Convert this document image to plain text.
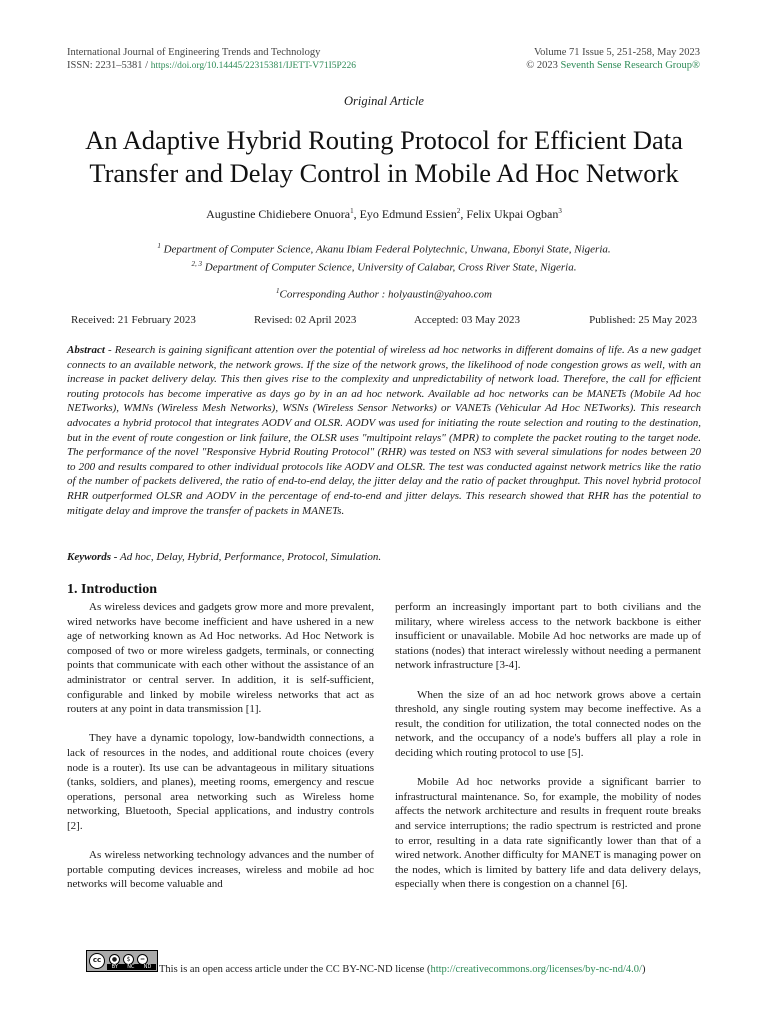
International Journal of Engineering Trends and Technology
ISSN: 2231–5381 / https://doi.org/10.14445/22315381/IJETT-V71I5P226
Volume 71 Issue 5, 251-258, May 2023
© 2023 Seventh Sense Research Group®
Original Article
An Adaptive Hybrid Routing Protocol for Efficient Data
Transfer and Delay Control in Mobile Ad Hoc Network
Augustine Chidiebere Onuora$^1$, Eyo Edmund Essien$^2$, Felix Ukpai Ogban$^3$
$^1$ Department of Computer Science, Akanu Ibiam Federal Polytechnic, Unwana, Ebonyi State, Nigeria.
$^{2, 3}$ Department of Computer Science, University of Calabar, Cross River State, Nigeria.
$^1$Corresponding Author : holyaustin@yahoo.com
Received: 21 February 2023	Revised: 02 April 2023	Accepted: 03 May 2023	Published: 25 May 2023
Abstract - Research is gaining significant attention over the potential of wireless ad hoc networks in different domains of life. As a new gadget connects to an available network, the network grows. If the size of the network grows, the likelihood of node congestion grows as well, with an increase in packet delivery delay. This then gives rise to the complexity and unpredictability of network load. Therefore, the call for efficient routing protocols has become imperative as days go by in an ad hoc network. Available ad hoc networks can be MANETs (Mobile Ad hoc NETworks), WMNs (Wireless Mesh Networks), WSNs (Wireless Sensor Networks) or VANETs (Vehicular Ad Hoc NETworks). This research advocates a hybrid protocol that integrates AODV and OLSR. AODV was used for initiating the route selection and routing to the destination, but in the event of route congestion or link failure, the OLSR uses "multipoint relays" (MPR) to complete the packet routing to the target node. The performance of the novel "Responsive Hybrid Routing Protocol" (RHR) was tested on NS3 with several simulations for nodes between 20 to 200 and results compared to other individual protocols like AODV and OLSR. The test was conducted against network metrics like the ratio of the number of packets delivered, the ratio of end-to-end delay, the jitter delay and the ratio of packet throughput. This novel hybrid protocol RHR outperformed OLSR and AODV in the percentage of end-to-end and jitter delays. This research showed that RHR has the potential to mitigate delay and improve the transfer of packets in MANETs.
Keywords - Ad hoc, Delay, Hybrid, Performance, Protocol, Simulation.
1. Introduction

As wireless devices and gadgets grow more and more prevalent, wired networks have become inefficient and have ushered in a new age of networking known as Ad Hoc networks. Ad Hoc Network is composed of two or more wireless gadgets, terminals, or connecting points that communicate with each other without the assistance of an administrator or central server. In addition, it is self-sufficient, configurable and linked by mobile wireless networks that act as routers at any point in data transmission [1].

They have a dynamic topology, low-bandwidth connections, a lack of resources in the nodes, and additional route choices (every node is a router). Its use can be advantageous in military situations (tanks, soldiers, and planes), meeting rooms, emergency and rescue operations, personal area networking such as Wireless home networking, Bluetooth, Special applications, and industry controls [2].

As wireless networking technology advances and the number of portable computing devices increases, wireless and mobile ad hoc networks will become valuable and

perform an increasingly important part to both civilians and the military, where wireless access to the network backbone is either insufficient or unavailable. Mobile Ad hoc networks are made up of stations (nodes) that interact wirelessly without needing a permanent network infrastructure [3-4].

When the size of an ad hoc network grows above a certain threshold, any single routing system may become ineffective. As a result, the condition for utilization, the total connected nodes on the network, and the occupancy of a node's buffers all play a role in deciding which routing protocol to use [5].

Mobile Ad hoc networks provide a significant barrier to infrastructural maintenance. So, for example, the mobility of nodes affects the network architecture and results in frequent route breaks and service interruptions; the radio spectrum is restricted and prone to error, resulting in a data rate significantly lower than that of a wired network. Another difficulty for MANET is managing power on the nodes, which is limited by battery life and data delivery delays, especially when there is congestion on a channel [6].

cc	●	$	=
BY NC ND This is an open access article under the CC BY-NC-ND license (http://creativecommons.org/licenses/by-nc-nd/4.0/)
